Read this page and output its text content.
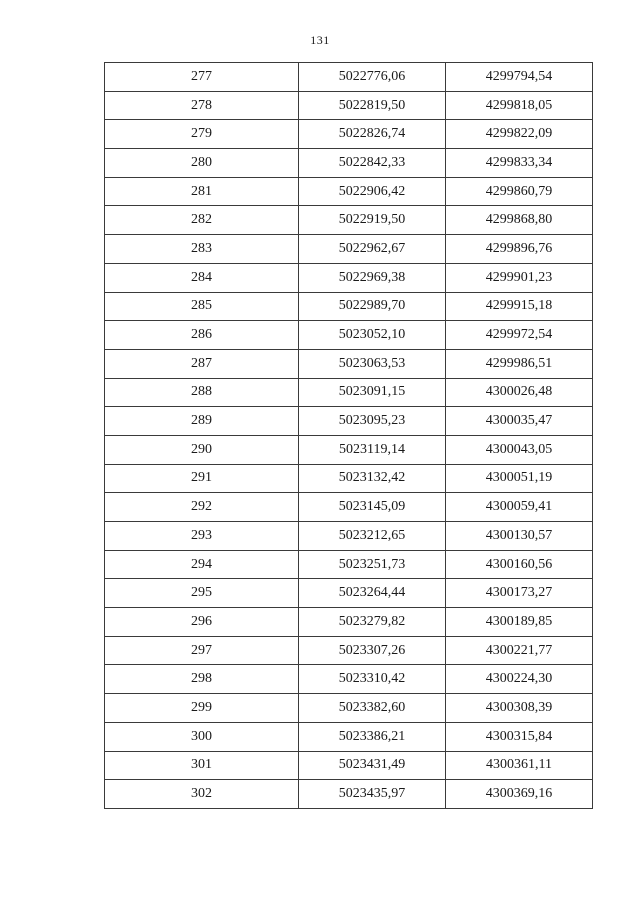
131
277	5022776,06	4299794,54
278	5022819,50	4299818,05
279	5022826,74	4299822,09
280	5022842,33	4299833,34
281	5022906,42	4299860,79
282	5022919,50	4299868,80
283	5022962,67	4299896,76
284	5022969,38	4299901,23
285	5022989,70	4299915,18
286	5023052,10	4299972,54
287	5023063,53	4299986,51
288	5023091,15	4300026,48
289	5023095,23	4300035,47
290	5023119,14	4300043,05
291	5023132,42	4300051,19
292	5023145,09	4300059,41
293	5023212,65	4300130,57
294	5023251,73	4300160,56
295	5023264,44	4300173,27
296	5023279,82	4300189,85
297	5023307,26	4300221,77
298	5023310,42	4300224,30
299	5023382,60	4300308,39
300	5023386,21	4300315,84
301	5023431,49	4300361,11
302	5023435,97	4300369,16
